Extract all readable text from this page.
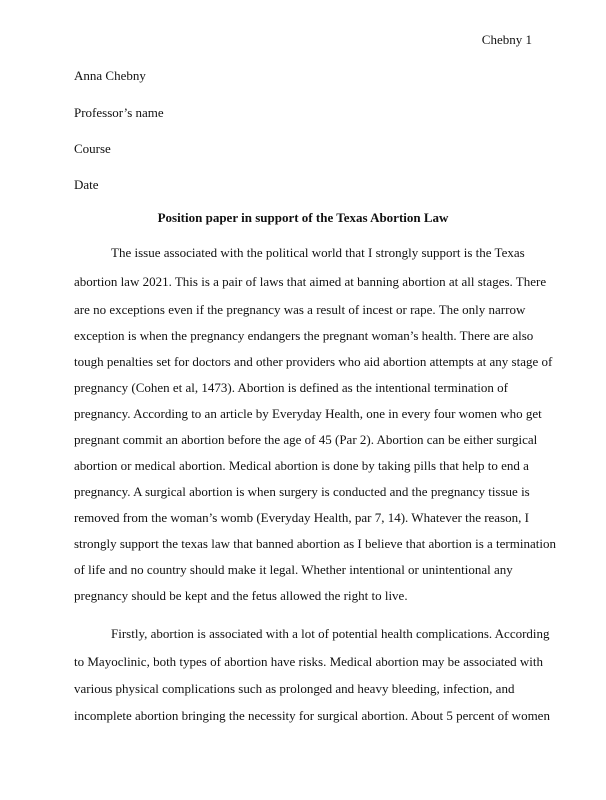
Chebny 1
Anna Chebny
Professor’s name
Course
Date
Position paper in support of the Texas Abortion Law
The issue associated with the political world that I strongly support is the Texas
abortion law 2021. This is a pair of laws that aimed at banning abortion at all stages. There
are no exceptions even if the pregnancy was a result of incest or rape. The only narrow
exception is when the pregnancy endangers the pregnant woman’s health. There are also
tough penalties set for doctors and other providers who aid abortion attempts at any stage of
pregnancy (Cohen et al, 1473). Abortion is defined as the intentional termination of
pregnancy. According to an article by Everyday Health, one in every four women who get
pregnant commit an abortion before the age of 45 (Par 2). Abortion can be either surgical
abortion or medical abortion. Medical abortion is done by taking pills that help to end a
pregnancy. A surgical abortion is when surgery is conducted and the pregnancy tissue is
removed from the woman’s womb (Everyday Health, par 7, 14). Whatever the reason, I
strongly support the texas law that banned abortion as I believe that abortion is a termination
of life and no country should make it legal. Whether intentional or unintentional any
pregnancy should be kept and the fetus allowed the right to live.
Firstly, abortion is associated with a lot of potential health complications. According
to Mayoclinic, both types of abortion have risks. Medical abortion may be associated with
various physical complications such as prolonged and heavy bleeding, infection, and
incomplete abortion bringing the necessity for surgical abortion. About 5 percent of women
